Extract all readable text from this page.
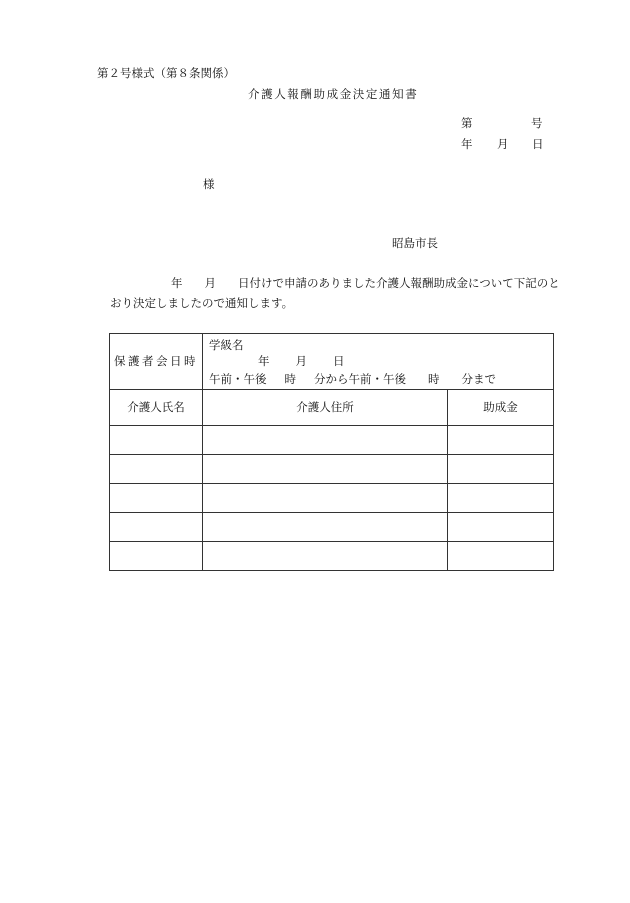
第２号様式（第８条関係）
介護人報酬助成金決定通知書
第	号
年 月 日
様
昭島市長
年 月 日付けで申請のありました介護人報酬助成金について下記のと
おり決定しましたので通知します。
保護者会日時	学級名
年 月 日
午前・午後 時 分から午前・午後 時 分まで	

介護人氏名	介護人住所	助成金
